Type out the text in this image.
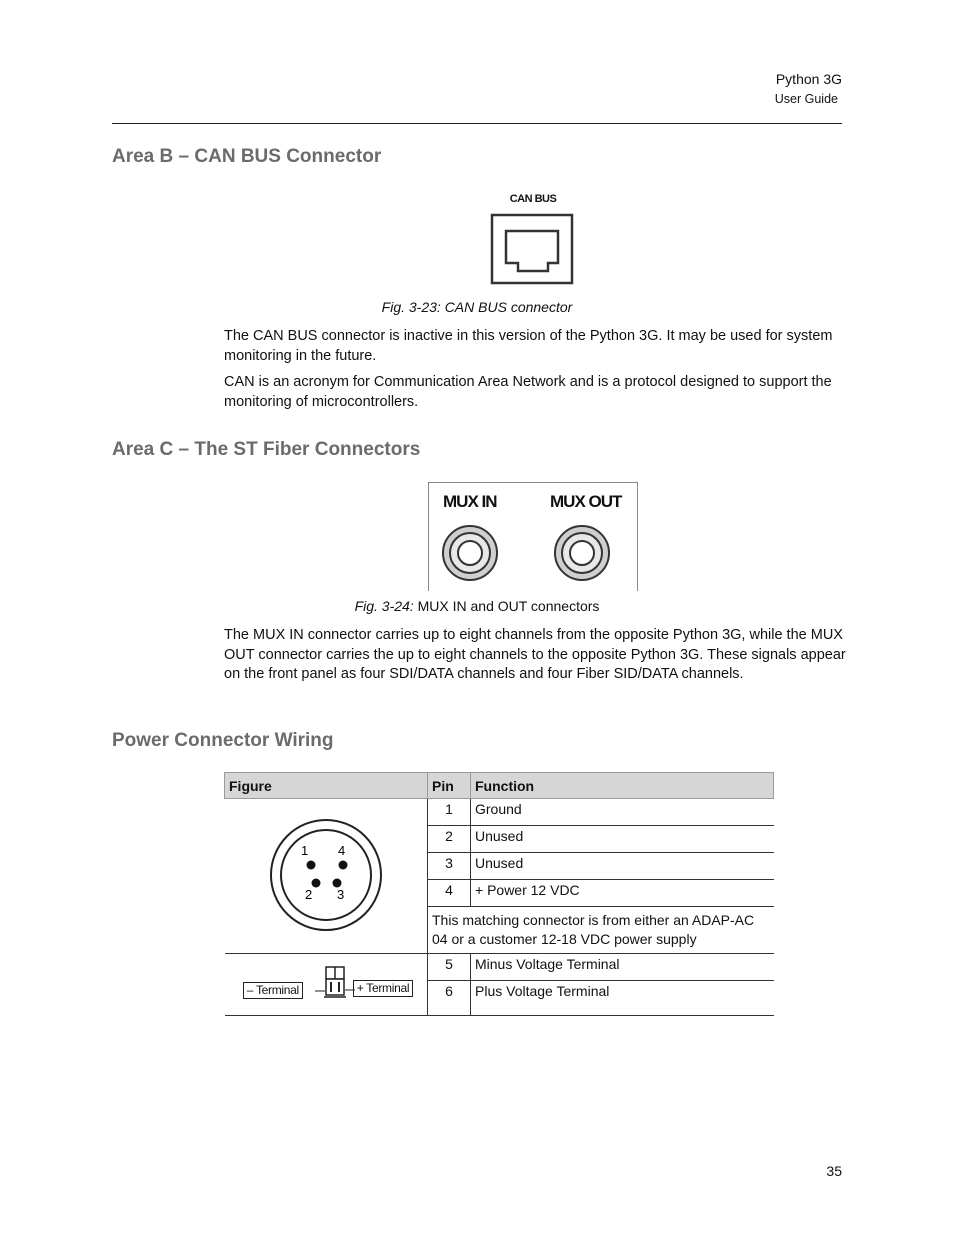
Python 3G
User Guide
Area B – CAN BUS Connector
CAN BUS
Fig. 3-23: CAN BUS connector

The CAN BUS connector is inactive in this version of the Python 3G. It may be used for system monitoring in the future.

CAN is an acronym for Communication Area Network and is a protocol designed to support the monitoring of microcontrollers.

Area C – The ST Fiber Connectors
MUX IN	MUX OUT
Fig. 3-24: MUX IN and OUT connectors

The MUX IN connector carries up to eight channels from the opposite Python 3G, while the MUX OUT connector carries the up to eight channels to the opposite Python 3G. These signals appear on the front panel as four SDI/DATA channels and four Fiber SID/DATA channels.

Power Connector Wiring
Figure	Pin	Function

1 4
2 3	1	Ground
	2	Unused
	3	Unused
	4	+ Power 12 VDC
	This matching connector is from either an ADAP-AC 04 or a customer 12-18 VDC power supply	

– Terminal + Terminal	5	Minus Voltage Terminal
	6	Plus Voltage Terminal
35
